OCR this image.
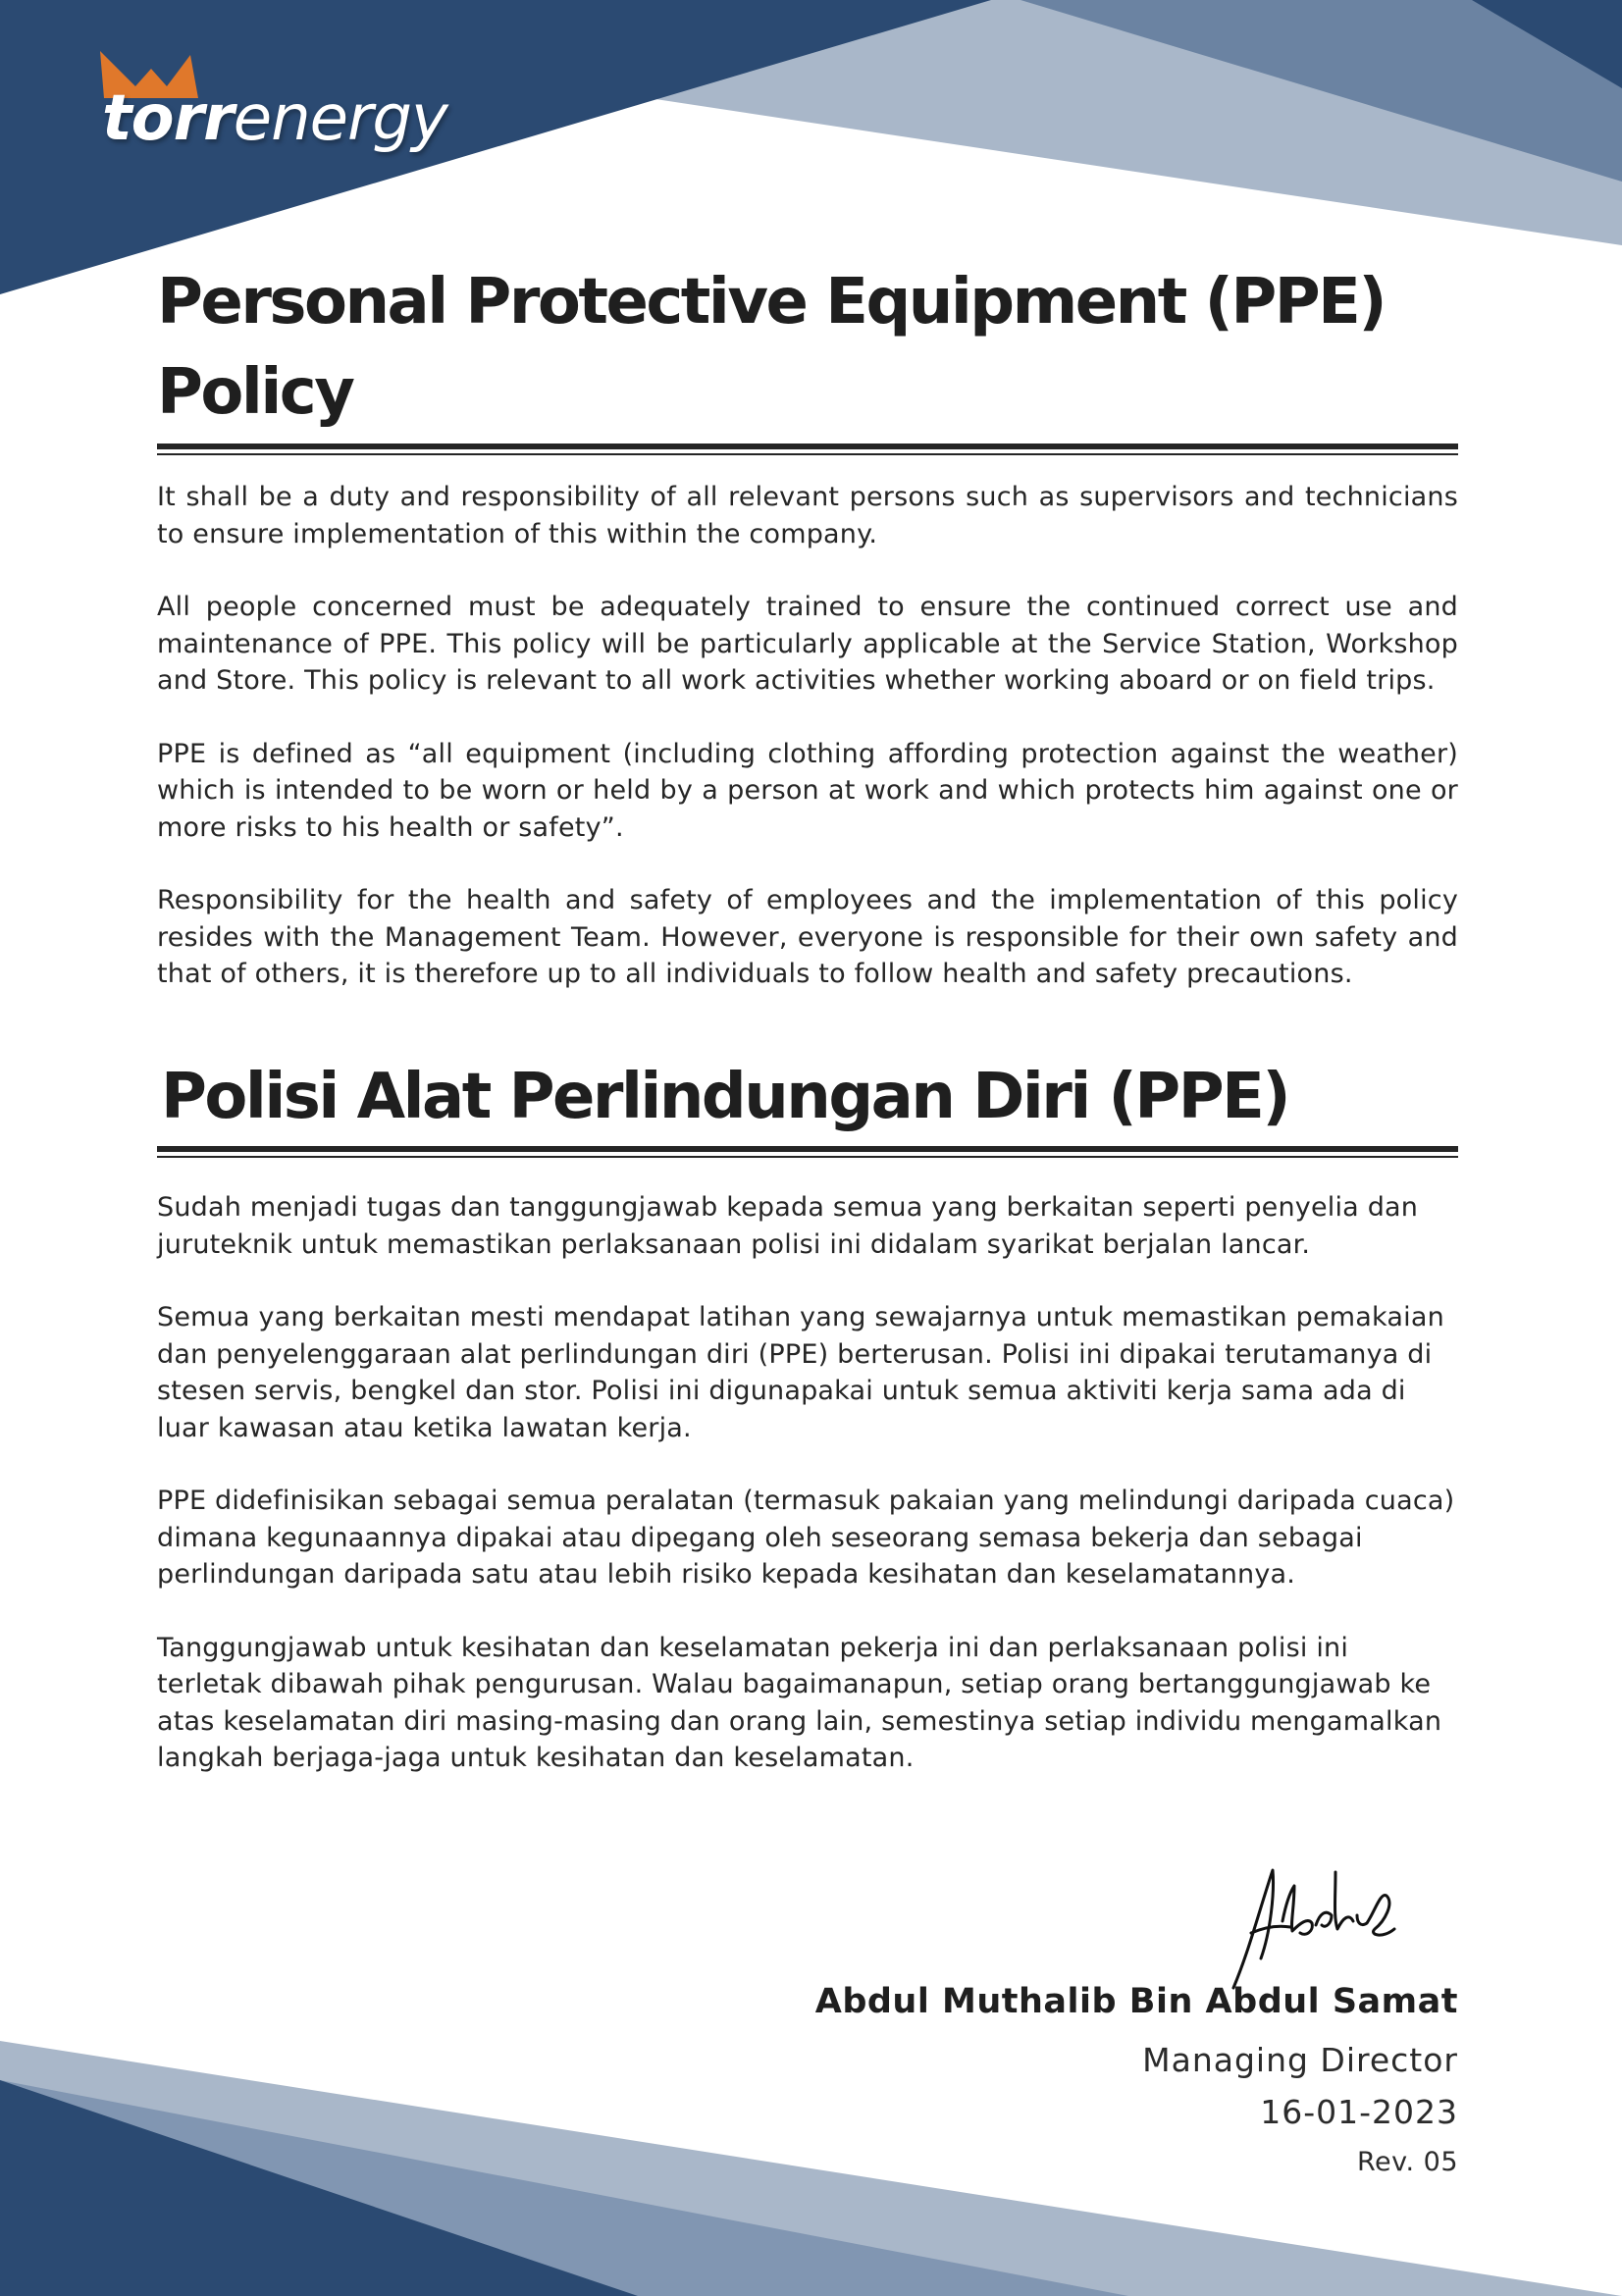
torrenergy
Personal Protective Equipment (PPE)
Policy

It shall be a duty and responsibility of all relevant persons such as supervisors and technicians to ensure implementation of this within the company.

All people concerned must be adequately trained to ensure the continued correct use and maintenance of PPE. This policy will be particularly applicable at the Service Station, Workshop and Store. This policy is relevant to all work activities whether working aboard or on field trips.

PPE is defined as “all equipment (including clothing affording protection against the weather) which is intended to be worn or held by a person at work and which protects him against one or more risks to his health or safety”.

Responsibility for the health and safety of employees and the implementation of this policy resides with the Management Team. However, everyone is responsible for their own safety and that of others, it is therefore up to all individuals to follow health and safety precautions.

Polisi Alat Perlindungan Diri (PPE)

Sudah menjadi tugas dan tanggungjawab kepada semua yang berkaitan seperti penyelia dan juruteknik untuk memastikan perlaksanaan polisi ini didalam syarikat berjalan lancar.

Semua yang berkaitan mesti mendapat latihan yang sewajarnya untuk memastikan pemakaian dan penyelenggaraan alat perlindungan diri (PPE) berterusan. Polisi ini dipakai terutamanya di stesen servis, bengkel dan stor. Polisi ini digunapakai untuk semua aktiviti kerja sama ada di luar kawasan atau ketika lawatan kerja.

PPE didefinisikan sebagai semua peralatan (termasuk pakaian yang melindungi daripada cuaca) dimana kegunaannya dipakai atau dipegang oleh seseorang semasa bekerja dan sebagai perlindungan daripada satu atau lebih risiko kepada kesihatan dan keselamatannya.

Tanggungjawab untuk kesihatan dan keselamatan pekerja ini dan perlaksanaan polisi ini terletak dibawah pihak pengurusan. Walau bagaimanapun, setiap orang bertanggungjawab ke atas keselamatan diri masing-masing dan orang lain, semestinya setiap individu mengamalkan langkah berjaga-jaga untuk kesihatan dan keselamatan.

Abdul Muthalib Bin Abdul Samat
Managing Director
16-01-2023
Rev. 05
